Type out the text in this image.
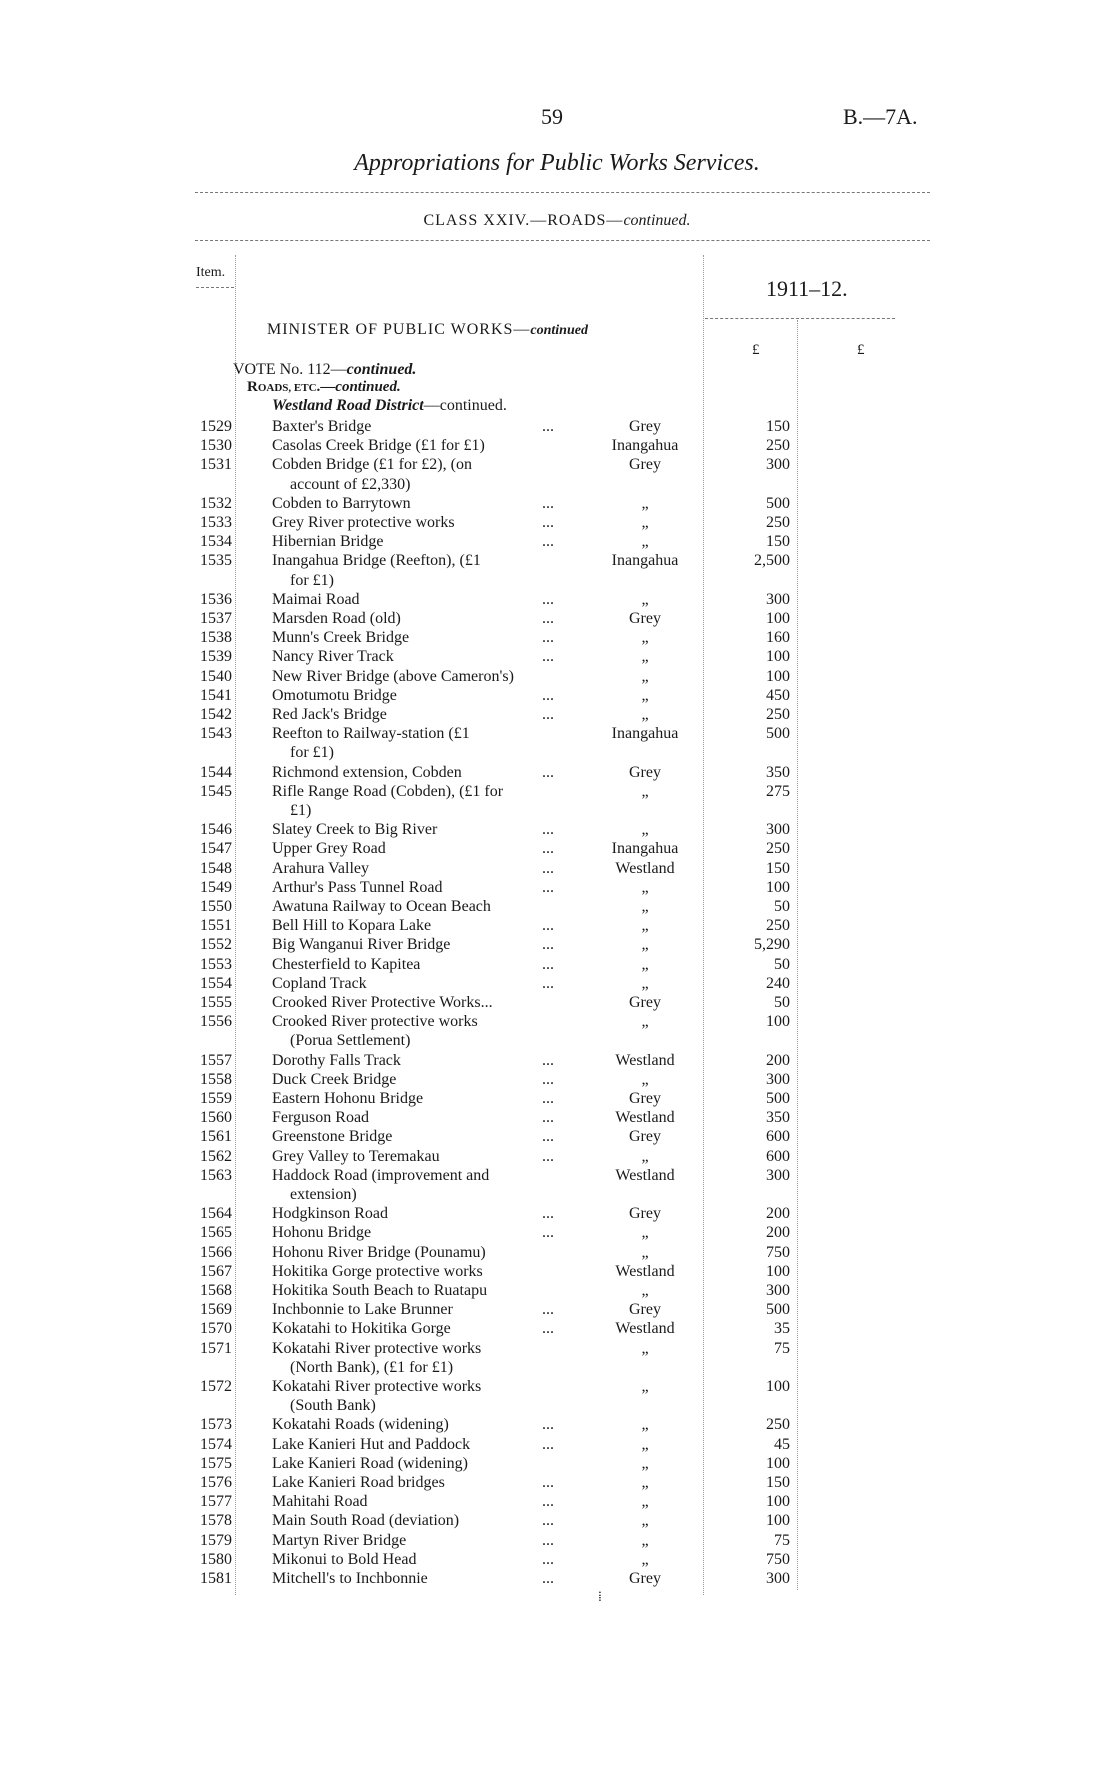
59	B.—7A.
Appropriations for Public Works Services.
CLASS XXIV.—ROADS—continued.
Item.
1911–12.
MINISTER OF PUBLIC WORKS—continued
£	£
VOTE No. 112—continued.
ROADS, ETC.—continued.
Westland Road District—continued.
1529	Baxter's Bridge	...	Grey	150
1530	Casolas Creek Bridge (£1 for £1)	Inangahua	250
1531	Cobden Bridge (£1 for £2), (on	Grey	300
account of £2,330)
1532	Cobden to Barrytown	...	„	500
1533	Grey River protective works	...	„	250
1534	Hibernian Bridge	...	„	150
1535	Inangahua Bridge (Reefton), (£1	Inangahua	2,500
for £1)
1536	Maimai Road	...	„	300
1537	Marsden Road (old)	...	Grey	100
1538	Munn's Creek Bridge	...	„	160
1539	Nancy River Track	...	„	100
1540	New River Bridge (above Cameron's)	„	100
1541	Omotumotu Bridge	...	„	450
1542	Red Jack's Bridge	...	„	250
1543	Reefton to Railway-station (£1	Inangahua	500
for £1)
1544	Richmond extension, Cobden	...	Grey	350
1545	Rifle Range Road (Cobden), (£1 for	„	275
£1)
1546	Slatey Creek to Big River	...	„	300
1547	Upper Grey Road	...	Inangahua	250
1548	Arahura Valley	...	Westland	150
1549	Arthur's Pass Tunnel Road	...	„	100
1550	Awatuna Railway to Ocean Beach	„	50
1551	Bell Hill to Kopara Lake	...	„	250
1552	Big Wanganui River Bridge	...	„	5,290
1553	Chesterfield to Kapitea	...	„	50
1554	Copland Track	...	„	240
1555	Crooked River Protective Works...	Grey	50
1556	Crooked River protective works	„	100
(Porua Settlement)
1557	Dorothy Falls Track	...	Westland	200
1558	Duck Creek Bridge	...	„	300
1559	Eastern Hohonu Bridge	...	Grey	500
1560	Ferguson Road	...	Westland	350
1561	Greenstone Bridge	...	Grey	600
1562	Grey Valley to Teremakau	...	„	600
1563	Haddock Road (improvement and	Westland	300
extension)
1564	Hodgkinson Road	...	Grey	200
1565	Hohonu Bridge	...	„	200
1566	Hohonu River Bridge (Pounamu)	„	750
1567	Hokitika Gorge protective works	Westland	100
1568	Hokitika South Beach to Ruatapu	„	300
1569	Inchbonnie to Lake Brunner	...	Grey	500
1570	Kokatahi to Hokitika Gorge	...	Westland	35
1571	Kokatahi River protective works	„	75
(North Bank), (£1 for £1)
1572	Kokatahi River protective works	„	100
(South Bank)
1573	Kokatahi Roads (widening)	...	„	250
1574	Lake Kanieri Hut and Paddock	...	„	45
1575	Lake Kanieri Road (widening)	„	100
1576	Lake Kanieri Road bridges	...	„	150
1577	Mahitahi Road	...	„	100
1578	Main South Road (deviation)	...	„	100
1579	Martyn River Bridge	...	„	75
1580	Mikonui to Bold Head	...	„	750
1581	Mitchell's to Inchbonnie	...	Grey	300
⁞
